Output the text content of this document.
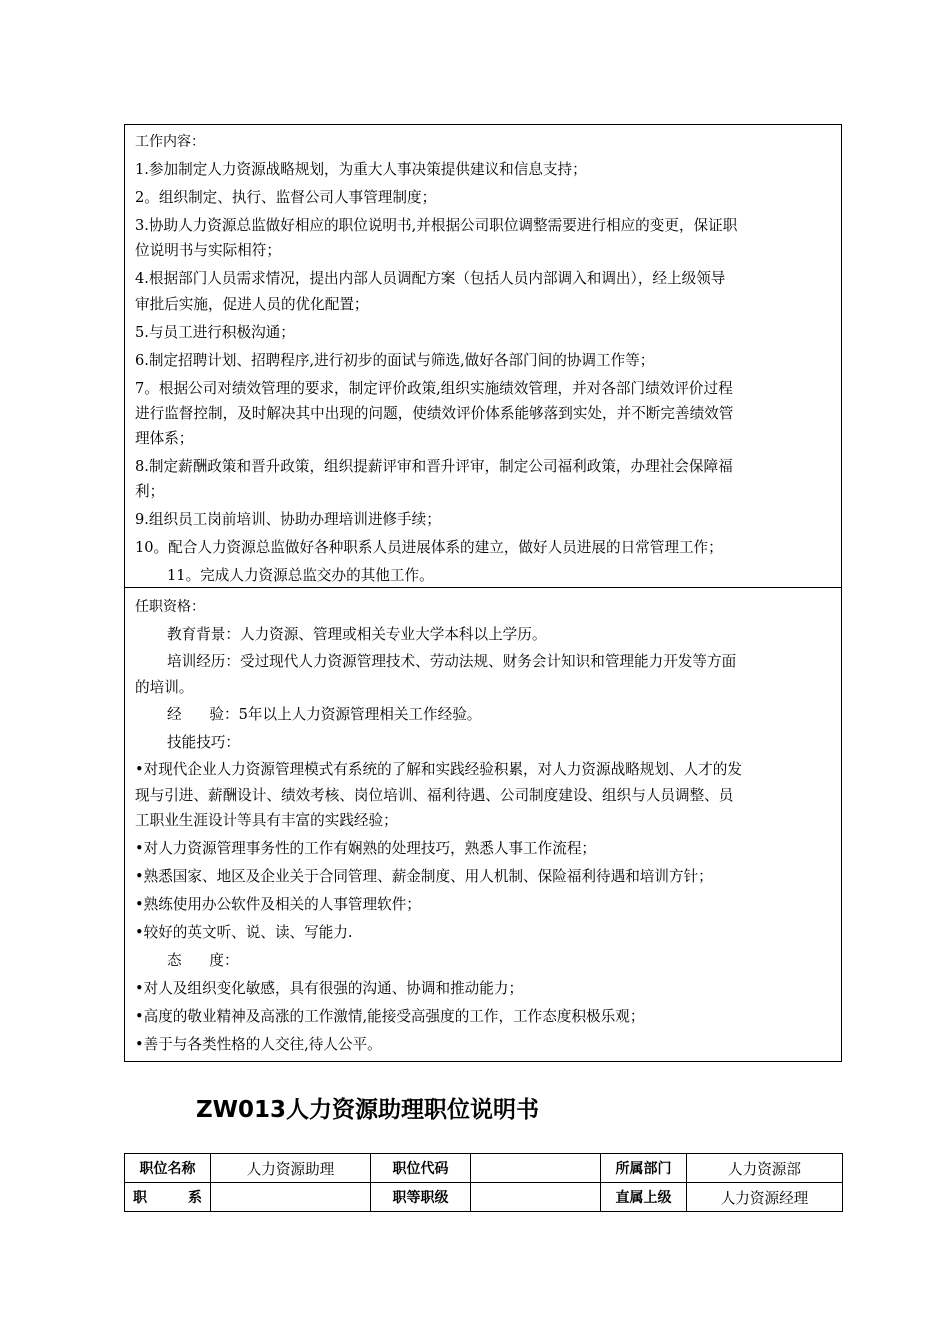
工作内容：
1.参加制定人力资源战略规划，为重大人事决策提供建议和信息支持；
2。组织制定、执行、监督公司人事管理制度；
3.协助人力资源总监做好相应的职位说明书,并根据公司职位调整需要进行相应的变更，保证职
位说明书与实际相符；
4.根据部门人员需求情况，提出内部人员调配方案（包括人员内部调入和调出），经上级领导
审批后实施，促进人员的优化配置；
5.与员工进行积极沟通；
6.制定招聘计划、招聘程序,进行初步的面试与筛选,做好各部门间的协调工作等；
7。根据公司对绩效管理的要求，制定评价政策,组织实施绩效管理，并对各部门绩效评价过程
进行监督控制，及时解决其中出现的问题，使绩效评价体系能够落到实处，并不断完善绩效管
理体系；
8.制定薪酬政策和晋升政策，组织提薪评审和晋升评审，制定公司福利政策，办理社会保障福
利；
9.组织员工岗前培训、协助办理培训进修手续；
10。配合人力资源总监做好各种职系人员进展体系的建立，做好人员进展的日常管理工作；
11。完成人力资源总监交办的其他工作。
任职资格：
教育背景：人力资源、管理或相关专业大学本科以上学历。
培训经历：受过现代人力资源管理技术、劳动法规、财务会计知识和管理能力开发等方面
的培训。
经      验：5年以上人力资源管理相关工作经验。
技能技巧：
•对现代企业人力资源管理模式有系统的了解和实践经验积累，对人力资源战略规划、人才的发
现与引进、薪酬设计、绩效考核、岗位培训、福利待遇、公司制度建设、组织与人员调整、员
工职业生涯设计等具有丰富的实践经验；
•对人力资源管理事务性的工作有娴熟的处理技巧，熟悉人事工作流程；
•熟悉国家、地区及企业关于合同管理、薪金制度、用人机制、保险福利待遇和培训方针；
•熟练使用办公软件及相关的人事管理软件；
•较好的英文听、说、读、写能力.
态      度：
•对人及组织变化敏感，具有很强的沟通、协调和推动能力；
•高度的敬业精神及高涨的工作激情,能接受高强度的工作，工作态度积极乐观；
•善于与各类性格的人交往,待人公平。
ZW013人力资源助理职位说明书
职位名称	人力资源助理	职位代码		所属部门	人力资源部

职 系		职等职级		直属上级	人力资源经理
